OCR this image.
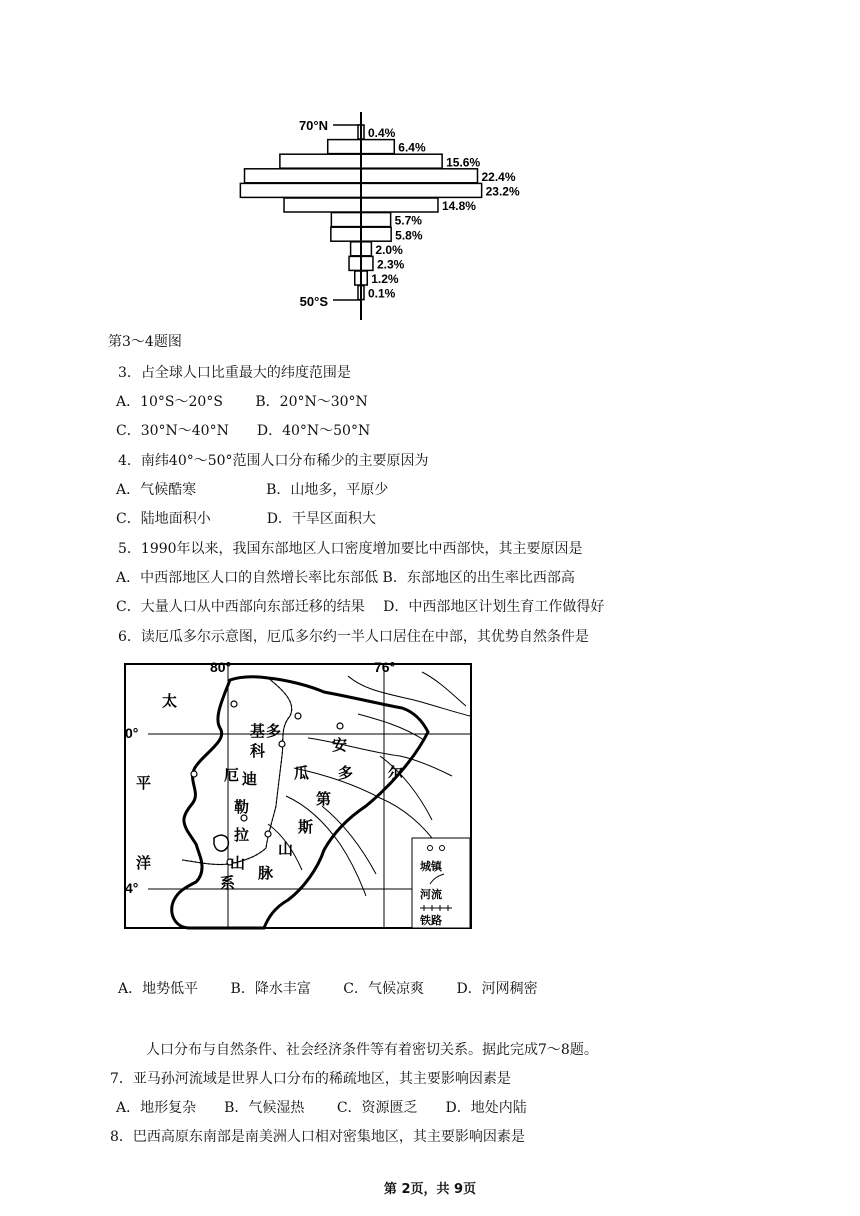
70°N
50°S
0.4%
6.4%
15.6%
22.4%
23.2%
14.8%
5.7%
5.8%
2.0%
2.3%
1.2%
0.1%
第3～4题图
3．占全球人口比重最大的纬度范围是
A．10°S～20°S　　 B．20°N～30°N
C．30°N～40°N　　D．40°N～50°N
4．南纬40°～50°范围人口分布稀少的主要原因为
A．气候酷寒　　　　　B．山地多，平原少
C．陆地面积小　　　　D．干旱区面积大
5．1990年以来，我国东部地区人口密度增加要比中西部快，其主要原因是
A．中西部地区人口的自然增长率比东部低 B．东部地区的出生率比西部高
C．大量人口从中西部向东部迁移的结果　 D．中西部地区计划生育工作做得好
6．读厄瓜多尔示意图，厄瓜多尔约一半人口居住在中部，其优势自然条件是
80°	76°
0°
4°
太
平
洋
基 多
安
瓜 多 尔
厄
第
科
迪
勒
拉
山
系
斯
山
脉	城镇
河流
铁路
A．地势低平　　 B．降水丰富　　 C．气候凉爽　　 D．河网稠密
人口分布与自然条件、社会经济条件等有着密切关系。据此完成7～8题。
7．亚马孙河流域是世界人口分布的稀疏地区，其主要影响因素是
A．地形复杂　　B．气候湿热　　 C．资源匮乏　　D．地处内陆
8．巴西高原东南部是南美洲人口相对密集地区，其主要影响因素是
第 2页，共 9页
